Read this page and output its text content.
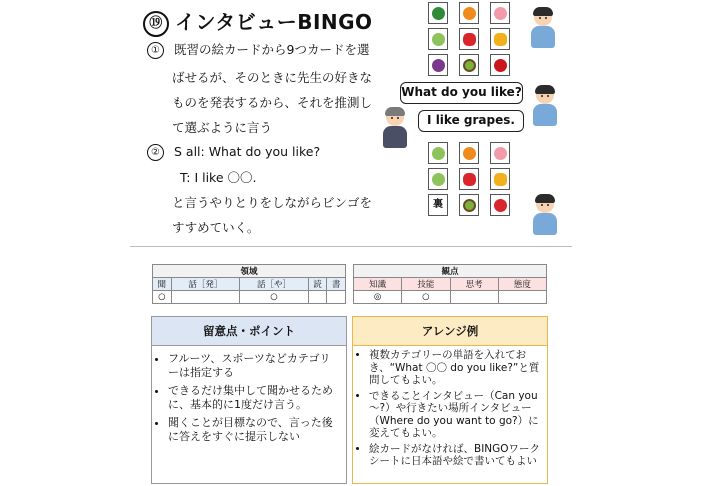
⑲ インタビューBINGO
① 既習の絵カードから9つカードを選
ばせるが、そのときに先生の好きな
ものを発表するから、それを推測し
て選ぶように言う
② S all: What do you like?
T: I like 〇〇.
と言うやりとりをしながらビンゴを
すすめていく。
What do you like?
I like grapes.
裏
領域				
聞	話［発］	話［や］	読	書
○		○		
観点			
知識	技能	思考	態度
◎	○		
留意点・ポイント
• フルーツ、スポーツなどカテゴリーは指定する
• できるだけ集中して聞かせるために、基本的に1度だけ言う。
• 聞くことが目標なので、言った後に答えをすぐに提示しない
アレンジ例
• 複数カテゴリーの単語を入れておき、“What 〇〇 do you like?”と質問してもよい。
• できることインタビュー（Can you～?）や行きたい場所インタビュー（Where do you want to go?）に変えてもよい。
• 絵カードがなければ、BINGOワークシートに日本語や絵で書いてもよい
